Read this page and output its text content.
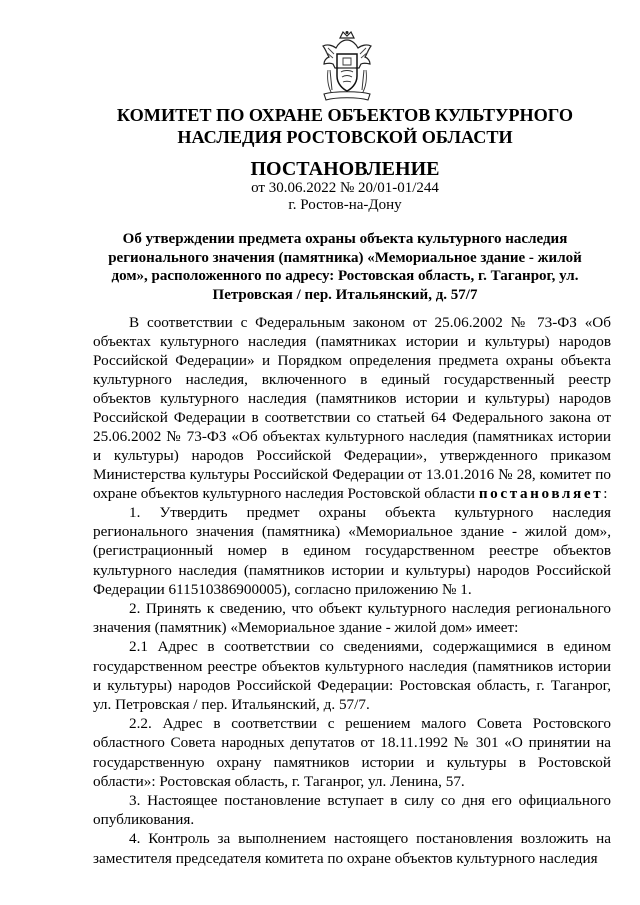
КОМИТЕТ ПО ОХРАНЕ ОБЪЕКТОВ КУЛЬТУРНОГО НАСЛЕДИЯ РОСТОВСКОЙ ОБЛАСТИ
ПОСТАНОВЛЕНИЕ
от 30.06.2022 № 20/01-01/244
г. Ростов-на-Дону
Об утверждении предмета охраны объекта культурного наследия регионального значения (памятника) «Мемориальное здание - жилой дом», расположенного по адресу: Ростовская область, г. Таганрог, ул. Петровская / пер. Итальянский, д. 57/7

В соответствии с Федеральным законом от 25.06.2002 № 73-ФЗ «Об объектах культурного наследия (памятниках истории и культуры) народов Российской Федерации» и Порядком определения предмета охраны объекта культурного наследия, включенного в единый государственный реестр объектов культурного наследия (памятников истории и культуры) народов Российской Федерации в соответствии со статьей 64 Федерального закона от 25.06.2002 № 73-ФЗ «Об объектах культурного наследия (памятниках истории и культуры) народов Российской Федерации», утвержденного приказом Министерства культуры Российской Федерации от 13.01.2016 № 28, комитет по охране объектов культурного наследия Ростовской области постановляет:

1. Утвердить предмет охраны объекта культурного наследия регионального значения (памятника) «Мемориальное здание - жилой дом», (регистрационный номер в едином государственном реестре объектов культурного наследия (памятников истории и культуры) народов Российской Федерации 611510386900005), согласно приложению № 1.

2. Принять к сведению, что объект культурного наследия регионального значения (памятник) «Мемориальное здание - жилой дом» имеет:

2.1 Адрес в соответствии со сведениями, содержащимися в едином государственном реестре объектов культурного наследия (памятников истории и культуры) народов Российской Федерации: Ростовская область, г. Таганрог, ул. Петровская / пер. Итальянский, д. 57/7.

2.2. Адрес в соответствии с решением малого Совета Ростовского областного Совета народных депутатов от 18.11.1992 № 301 «О принятии на государственную охрану памятников истории и культуры в Ростовской области»: Ростовская область, г. Таганрог, ул. Ленина, 57.

3. Настоящее постановление вступает в силу со дня его официального опубликования.

4. Контроль за выполнением настоящего постановления возложить на заместителя председателя комитета по охране объектов культурного наследия
